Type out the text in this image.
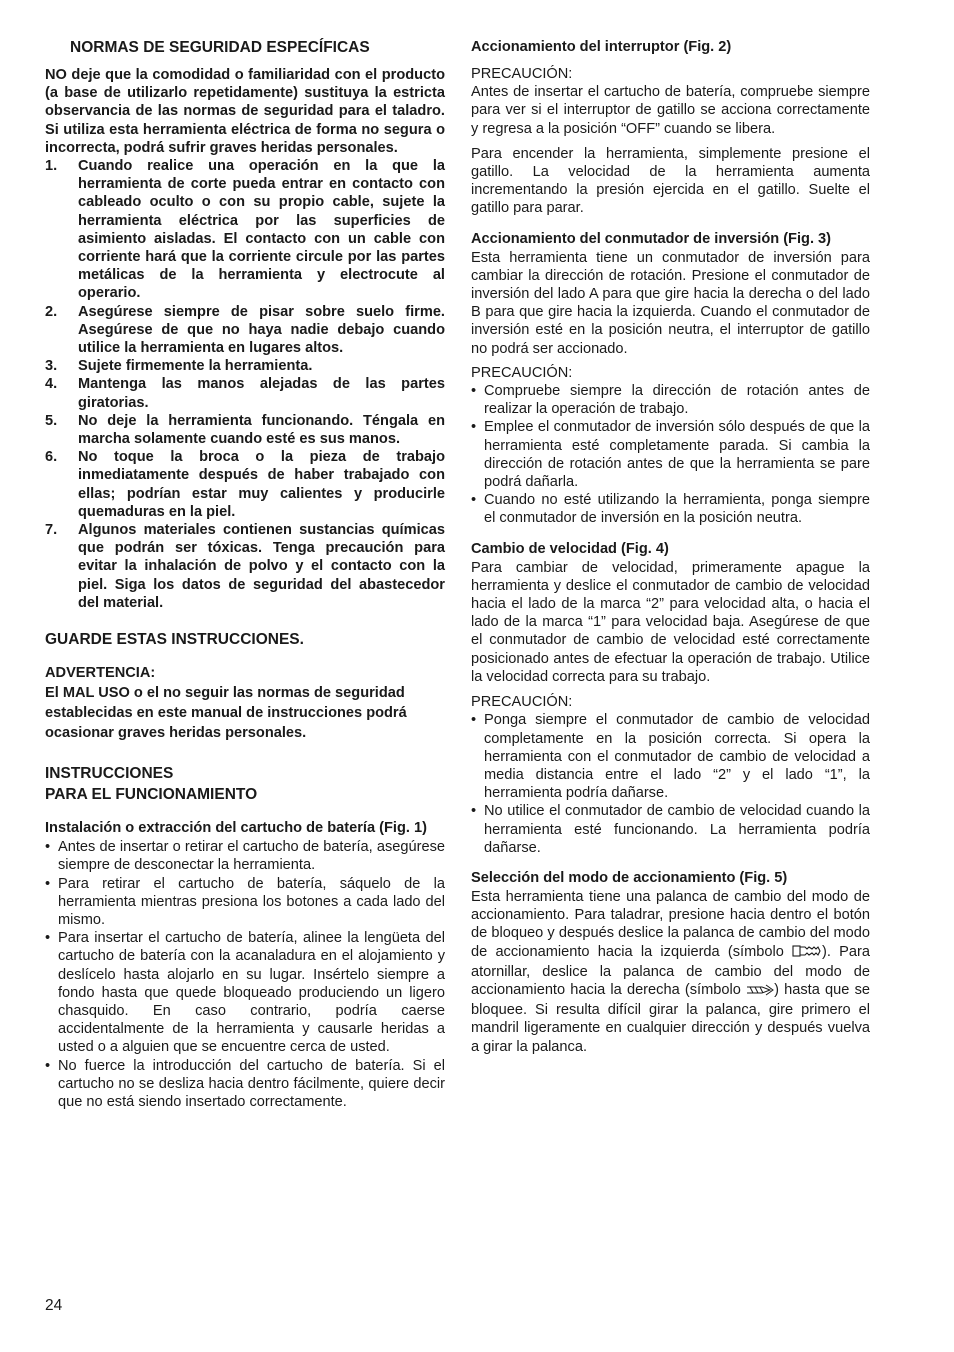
NORMAS DE SEGURIDAD ESPECÍFICAS

NO deje que la comodidad o familiaridad con el producto (a base de utilizarlo repetidamente) sustituya la estricta observancia de las normas de seguridad para el taladro. Si utiliza esta herramienta eléctrica de forma no segura o incorrecta, podrá sufrir graves heridas personales.

1.	Cuando realice una operación en la que la herramienta de corte pueda entrar en contacto con cableado oculto o con su propio cable, sujete la herramienta eléctrica por las superficies de asimiento aisladas. El contacto con un cable con corriente hará que la corriente circule por las partes metálicas de la herramienta y electrocute al operario.
2.	Asegúrese siempre de pisar sobre suelo firme. Asegúrese de que no haya nadie debajo cuando utilice la herramienta en lugares altos.
3.	Sujete firmemente la herramienta.
4.	Mantenga las manos alejadas de las partes giratorias.
5.	No deje la herramienta funcionando. Téngala en marcha solamente cuando esté es sus manos.
6.	No toque la broca o la pieza de trabajo inmediatamente después de haber trabajado con ellas; podrían estar muy calientes y producirle quemaduras en la piel.
7.	Algunos materiales contienen sustancias químicas que podrán ser tóxicas. Tenga precaución para evitar la inhalación de polvo y el contacto con la piel. Siga los datos de seguridad del abastecedor del material.
GUARDE ESTAS INSTRUCCIONES.
ADVERTENCIA:

El MAL USO o el no seguir las normas de seguridad establecidas en este manual de instrucciones podrá ocasionar graves heridas personales.

INSTRUCCIONES
PARA EL FUNCIONAMIENTO
Instalación o extracción del cartucho de batería (Fig. 1)
• Antes de insertar o retirar el cartucho de batería, asegúrese siempre de desconectar la herramienta.
• Para retirar el cartucho de batería, sáquelo de la herramienta mientras presiona los botones a cada lado del mismo.
• Para insertar el cartucho de batería, alinee la lengüeta del cartucho de batería con la acanaladura en el alojamiento y deslícelo hasta alojarlo en su lugar. Insértelo siempre a fondo hasta que quede bloqueado produciendo un ligero chasquido. En caso contrario, podría caerse accidentalmente de la herramienta y causarle heridas a usted o a alguien que se encuentre cerca de usted.
• No fuerce la introducción del cartucho de batería. Si el cartucho no se desliza hacia dentro fácilmente, quiere decir que no está siendo insertado correctamente.
Accionamiento del interruptor (Fig. 2)

PRECAUCIÓN:

Antes de insertar el cartucho de batería, compruebe siempre para ver si el interruptor de gatillo se acciona correctamente y regresa a la posición “OFF” cuando se libera.

Para encender la herramienta, simplemente presione el gatillo. La velocidad de la herramienta aumenta incrementando la presión ejercida en el gatillo. Suelte el gatillo para parar.

Accionamiento del conmutador de inversión (Fig. 3)

Esta herramienta tiene un conmutador de inversión para cambiar la dirección de rotación. Presione el conmutador de inversión del lado A para que gire hacia la derecha o del lado B para que gire hacia la izquierda. Cuando el conmutador de inversión esté en la posición neutra, el interruptor de gatillo no podrá ser accionado.

PRECAUCIÓN:

• Compruebe siempre la dirección de rotación antes de realizar la operación de trabajo.
• Emplee el conmutador de inversión sólo después de que la herramienta esté completamente parada. Si cambia la dirección de rotación antes de que la herramienta se pare podrá dañarla.
• Cuando no esté utilizando la herramienta, ponga siempre el conmutador de inversión en la posición neutra.
Cambio de velocidad (Fig. 4)

Para cambiar de velocidad, primeramente apague la herramienta y deslice el conmutador de cambio de velocidad hacia el lado de la marca “2” para velocidad alta, o hacia el lado de la marca “1” para velocidad baja. Asegúrese de que el conmutador de cambio de velocidad esté correctamente posicionado antes de efectuar la operación de trabajo. Utilice la velocidad correcta para su trabajo.

PRECAUCIÓN:

• Ponga siempre el conmutador de cambio de velocidad completamente en la posición correcta. Si opera la herramienta con el conmutador de cambio de velocidad a media distancia entre el lado “2” y el lado “1”, la herramienta podría dañarse.
• No utilice el conmutador de cambio de velocidad cuando la herramienta esté funcionando. La herramienta podría dañarse.
Selección del modo de accionamiento (Fig. 5)

Esta herramienta tiene una palanca de cambio del modo de accionamiento. Para taladrar, presione hacia dentro el botón de bloqueo y después deslice la palanca de cambio del modo de accionamiento hacia la izquierda (símbolo ). Para atornillar, deslice la palanca de cambio del modo de accionamiento hacia la derecha (símbolo ) hasta que se bloquee. Si resulta difícil girar la palanca, gire primero el mandril ligeramente en cualquier dirección y después vuelva a girar la palanca.

24
